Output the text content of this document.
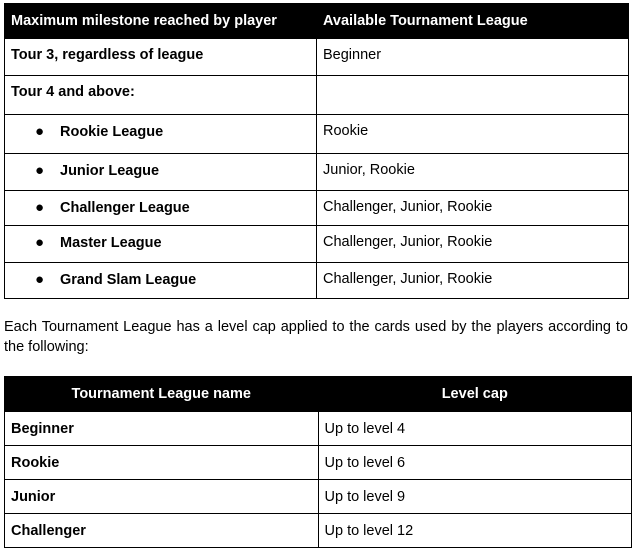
Maximum milestone reached by player	Available Tournament League
Tour 3, regardless of league	Beginner
Tour 4 and above:	
● Rookie League	Rookie
● Junior League	Junior, Rookie
● Challenger League	Challenger, Junior, Rookie
● Master League	Challenger, Junior, Rookie
● Grand Slam League	Challenger, Junior, Rookie

Each Tournament League has a level cap applied to the cards used by the players according to the following:

Tournament League name	Level cap
Beginner	Up to level 4
Rookie	Up to level 6
Junior	Up to level 9
Challenger	Up to level 12
